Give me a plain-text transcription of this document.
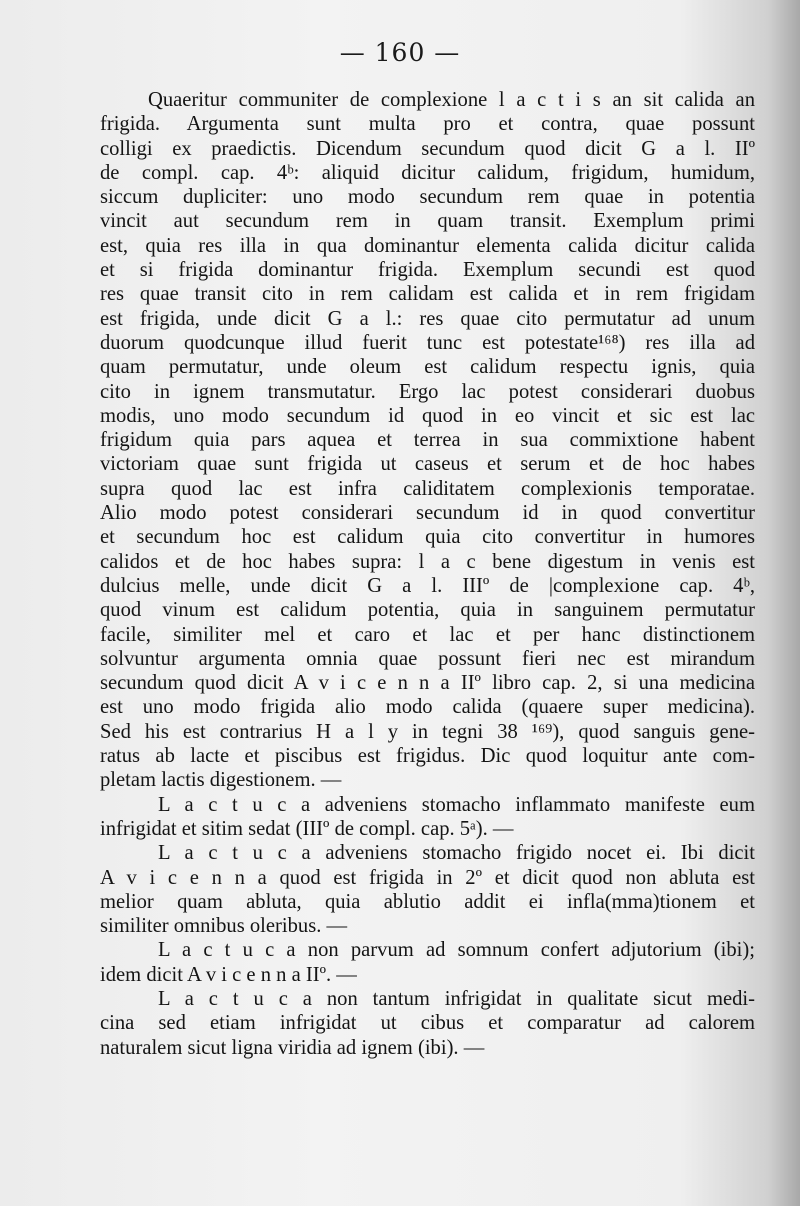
— 160 —
Quaeritur communiter de complexione l a c t i s an sit calida an
frigida. Argumenta sunt multa pro et contra, quae possunt
colligi ex praedictis. Dicendum secundum quod dicit G a l. IIº
de compl. cap. 4ᵇ: aliquid dicitur calidum, frigidum, humidum,
siccum dupliciter: uno modo secundum rem quae in potentia
vincit aut secundum rem in quam transit. Exemplum primi
est, quia res illa in qua dominantur elementa calida dicitur calida
et si frigida dominantur frigida. Exemplum secundi est quod
res quae transit cito in rem calidam est calida et in rem frigidam
est frigida, unde dicit G a l.: res quae cito permutatur ad unum
duorum quodcunque illud fuerit tunc est potestate¹⁶⁸) res illa ad
quam permutatur, unde oleum est calidum respectu ignis, quia
cito in ignem transmutatur. Ergo lac potest considerari duobus
modis, uno modo secundum id quod in eo vincit et sic est lac
frigidum quia pars aquea et terrea in sua commixtione habent
victoriam quae sunt frigida ut caseus et serum et de hoc habes
supra quod lac est infra caliditatem complexionis temporatae.
Alio modo potest considerari secundum id in quod convertitur
et secundum hoc est calidum quia cito convertitur in humores
calidos et de hoc habes supra: l a c bene digestum in venis est
dulcius melle, unde dicit G a l. IIIº de |complexione cap. 4ᵇ,
quod vinum est calidum potentia, quia in sanguinem permutatur
facile, similiter mel et caro et lac et per hanc distinctionem
solvuntur argumenta omnia quae possunt fieri nec est mirandum
secundum quod dicit A v i c e n n a IIº libro cap. 2, si una medicina
est uno modo frigida alio modo calida (quaere super medicina).
Sed his est contrarius H a l y in tegni 38 ¹⁶⁹), quod sanguis gene-
ratus ab lacte et piscibus est frigidus. Dic quod loquitur ante com-
pletam lactis digestionem. —
L a c t u c a adveniens stomacho inflammato manifeste eum
infrigidat et sitim sedat (IIIº de compl. cap. 5ᵃ). —
L a c t u c a adveniens stomacho frigido nocet ei. Ibi dicit
A v i c e n n a quod est frigida in 2º et dicit quod non abluta est
melior quam abluta, quia ablutio addit ei infla(mma)tionem et
similiter omnibus oleribus. —
L a c t u c a non parvum ad somnum confert adjutorium (ibi);
idem dicit A v i c e n n a IIº. —
L a c t u c a non tantum infrigidat in qualitate sicut medi-
cina sed etiam infrigidat ut cibus et comparatur ad calorem
naturalem sicut ligna viridia ad ignem (ibi). —
